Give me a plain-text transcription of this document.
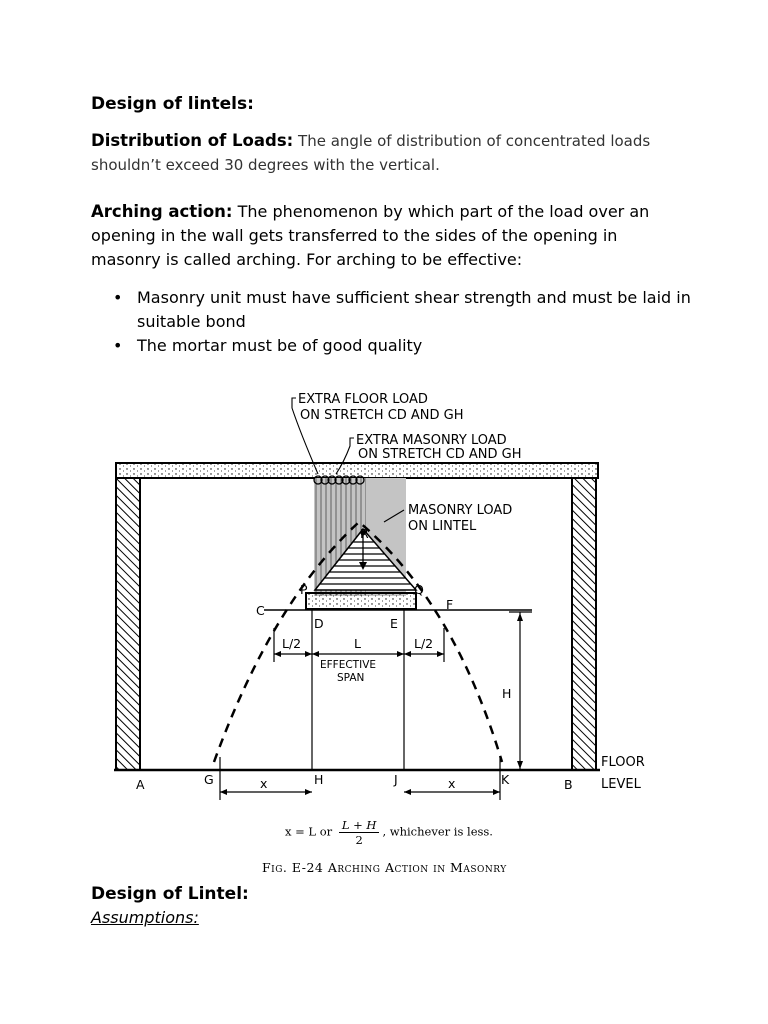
Design of lintels:
Distribution of Loads: The angle of distribution of concentrated loads shouldn’t exceed 30 degrees with the vertical.
Arching action: The phenomenon by which part of the load over an opening in the wall gets transferred to the sides of the opening in masonry is called arching. For arching to be effective:
• Masonry unit must have sufficient shear strength and must be laid in suitable bond
• The mortar must be of good quality
EXTRA FLOOR LOAD
ON STRETCH CD AND GH
EXTRA MASONRY LOAD
ON STRETCH CD AND GH
MASONRY LOAD
ON LINTEL
FLOOR
LEVEL
EFFECTIVE
SPAN
A	B
C
D	E
F
G	H	J	K
P	Q
R
H
L
L/2	L/2
x	x
x = L or $\frac{L + H}{2}$ , whichever is less.
Fig. E-24 Arching Action in Masonry
Design of Lintel:
Assumptions:
